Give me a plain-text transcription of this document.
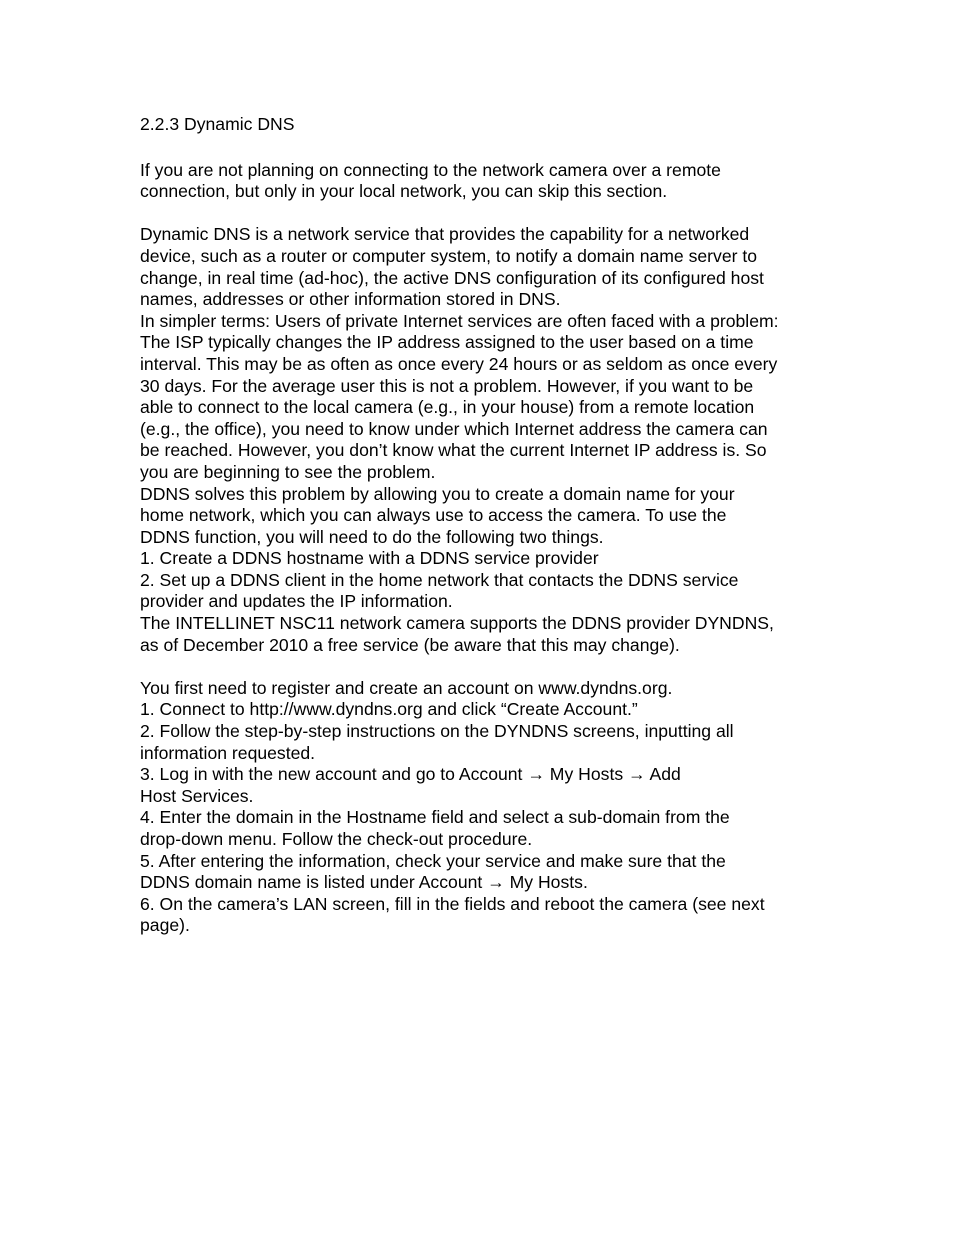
2.2.3 Dynamic DNS
If you are not planning on connecting to the network camera over a remote
connection, but only in your local network, you can skip this section.
Dynamic DNS is a network service that provides the capability for a networked
device, such as a router or computer system, to notify a domain name server to
change, in real time (ad-hoc), the active DNS configuration of its configured host
names, addresses or other information stored in DNS.
In simpler terms: Users of private Internet services are often faced with a problem:
The ISP typically changes the IP address assigned to the user based on a time
interval. This may be as often as once every 24 hours or as seldom as once every
30 days. For the average user this is not a problem. However, if you want to be
able to connect to the local camera (e.g., in your house) from a remote location
(e.g., the office), you need to know under which Internet address the camera can
be reached. However, you don’t know what the current Internet IP address is. So
you are beginning to see the problem.
DDNS solves this problem by allowing you to create a domain name for your
home network, which you can always use to access the camera. To use the
DDNS function, you will need to do the following two things.
1. Create a DDNS hostname with a DDNS service provider
2. Set up a DDNS client in the home network that contacts the DDNS service
provider and updates the IP information.
The INTELLINET NSC11 network camera supports the DDNS provider DYNDNS,
as of December 2010 a free service (be aware that this may change).
You first need to register and create an account on www.dyndns.org.
1. Connect to http://www.dyndns.org and click “Create Account.”
2. Follow the step-by-step instructions on the DYNDNS screens, inputting all
information requested.
3. Log in with the new account and go to Account → My Hosts → Add
Host Services.
4. Enter the domain in the Hostname field and select a sub-domain from the
drop-down menu. Follow the check-out procedure.
5. After entering the information, check your service and make sure that the
DDNS domain name is listed under Account → My Hosts.
6. On the camera’s LAN screen, fill in the fields and reboot the camera (see next
page).
